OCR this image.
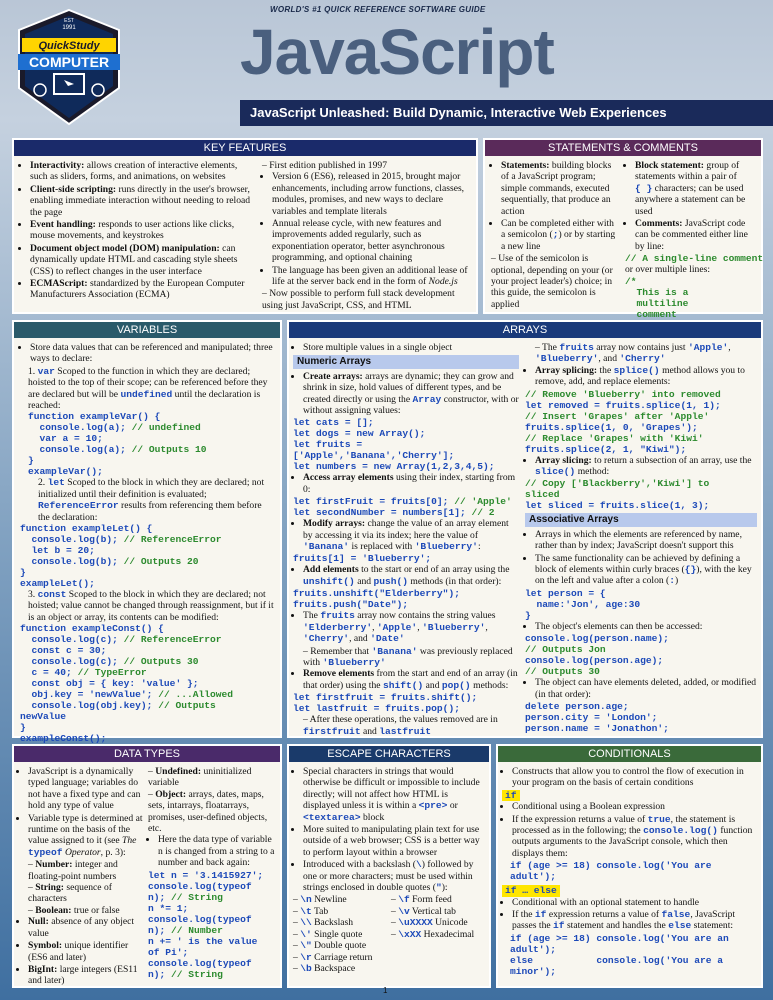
EST
1991
QuickStudy
COMPUTER
WORLD'S #1 QUICK REFERENCE SOFTWARE GUIDE
JavaScript
JavaScript Unleashed: Build Dynamic, Interactive Web Experiences
KEY FEATURES
• Interactivity: allows creation of interactive elements, such as sliders, forms, and animations, on websites
• Client-side scripting: runs directly in the user's browser, enabling immediate interaction without needing to reload the page
• Event handling: responds to user actions like clicks, mouse movements, and keystrokes
• Document object model (DOM) manipulation: can dynamically update HTML and cascading style sheets (CSS) to reflect changes in the user interface
• ECMAScript: standardized by the European Computer Manufacturers Association (ECMA)
– First edition published in 1997
• Version 6 (ES6), released in 2015, brought major enhancements, including arrow functions, classes, modules, promises, and new ways to declare variables and template literals
• Annual release cycle, with new features and improvements added regularly, such as exponentiation operator, better asynchronous programming, and optional chaining
• The language has been given an additional lease of life at the server back end in the form of Node.js
– Now possible to perform full stack development using just JavaScript, CSS, and HTML
STATEMENTS & COMMENTS
• Statements: building blocks of a JavaScript program; simple commands, executed sequentially, that produce an action
• Can be completed either with a semicolon (;) or by starting a new line
– Use of the semicolon is optional, depending on your (or your project leader's) choice; in this guide, the semicolon is applied
• Block statement: group of statements within a pair of { } characters; can be used anywhere a statement can be used
• Comments: JavaScript code can be commented either line by line:
// A single-line comment
or over multiple lines:
/*
This is a
multiline
comment

VARIABLES
• Store data values that can be referenced and manipulated; three ways to declare:
1. var Scoped to the function in which they are declared; hoisted to the top of their scope; can be referenced before they are declared but will be undefined until the declaration is reached:
function exampleVar() {
console.log(a); // undefined
var a = 10;
console.log(a); // Outputs 10
}
exampleVar();
2. let Scoped to the block in which they are declared; not initialized until their definition is evaluated; ReferenceError results from referencing them before the declaration:
function exampleLet() {
console.log(b); // ReferenceError
let b = 20;
console.log(b); // Outputs 20
}
exampleLet();
3. const Scoped to the block in which they are declared; not hoisted; value cannot be changed through reassignment, but if it is an object or array, its contents can be modified:
function exampleConst() {
console.log(c); // ReferenceError
const c = 30;
console.log(c); // Outputs 30
c = 40; // TypeError
const obj = { key: 'value' };
obj.key = 'newValue'; // ...Allowed
console.log(obj.key); // Outputs
newValue
}
exampleConst();
ARRAYS
• Store multiple values in a single object
Numeric Arrays
• Create arrays: arrays are dynamic; they can grow and shrink in size, hold values of different types, and be created directly or using the Array constructor, with or without assigning values:
let cats = [];
let dogs = new Array();
let fruits =
['Apple','Banana','Cherry'];
let numbers = new Array(1,2,3,4,5);
• Access array elements using their index, starting from 0:
let firstFruit = fruits[0]; // 'Apple'
let secondNumber = numbers[1]; // 2
• Modify arrays: change the value of an array element by accessing it via its index; here the value of 'Banana' is replaced with 'Blueberry':
fruits[1] = 'Blueberry';
• Add elements to the start or end of an array using the unshift() and push() methods (in that order):
fruits.unshift("Elderberry");
fruits.push("Date");
• The fruits array now contains the string values 'Elderberry', 'Apple', 'Blueberry', 'Cherry', and 'Date'
– Remember that 'Banana' was previously replaced with 'Blueberry'
• Remove elements from the start and end of an array (in that order) using the shift() and pop() methods:
let firstfruit = fruits.shift();
let lastfruit = fruits.pop();
– After these operations, the values removed are in firstfruit and lastfruit
– The fruits array now contains just 'Apple', 'Blueberry', and 'Cherry'
• Array splicing: the splice() method allows you to remove, add, and replace elements:
// Remove 'Blueberry' into removed
let removed = fruits.splice(1, 1);
// Insert 'Grapes' after 'Apple'
fruits.splice(1, 0, 'Grapes');
// Replace 'Grapes' with 'Kiwi'
fruits.splice(2, 1, "Kiwi");
• Array slicing: to return a subsection of an array, use the slice() method:
// Copy ['Blackberry','Kiwi'] to
sliced
let sliced = fruits.slice(1, 3);
Associative Arrays
• Arrays in which the elements are referenced by name, rather than by index; JavaScript doesn't support this
• The same functionality can be achieved by defining a block of elements within curly braces ({}), with the key on the left and value after a colon (:)
let person = {
name:'Jon', age:30
}
• The object's elements can then be accessed:
console.log(person.name);
// Outputs Jon
console.log(person.age);
// Outputs 30
• The object can have elements deleted, added, or modified (in that order):
delete person.age;
person.city = 'London';
person.name = 'Jonathon';
DATA TYPES
• JavaScript is a dynamically typed language; variables do not have a fixed type and can hold any type of value
• Variable type is determined at runtime on the basis of the value assigned to it (see The typeof Operator, p. 3):
– Number: integer and floating-point numbers
– String: sequence of characters
– Boolean: true or false
• Null: absence of any object value
• Symbol: unique identifier (ES6 and later)
• BigInt: large integers (ES11 and later)
– Undefined: uninitialized variable
– Object: arrays, dates, maps, sets, intarrays, floatarrays, promises, user-defined objects, etc.
• Here the data type of variable n is changed from a string to a number and back again:
let n = '3.1415927';
console.log(typeof
n); // String
n *= 1;
console.log(typeof
n); // Number
n += ' is the value
of Pi';
console.log(typeof
n); // String
ESCAPE CHARACTERS
• Special characters in strings that would otherwise be difficult or impossible to include directly; will not affect how HTML is displayed unless it is within a <pre> or <textarea> block
• More suited to manipulating plain text for use outside of a web browser; CSS is a better way to perform layout within a browser
• Introduced with a backslash (\) followed by one or more characters; must be used within strings enclosed in double quotes ("):
– \n Newline
– \t Tab
– \\ Backslash
– \' Single quote
– \" Double quote
– \r Carriage return
– \b Backspace
– \f Form feed
– \v Vertical tab
– \uXXXX Unicode
– \xXX Hexadecimal
CONDITIONALS
• Constructs that allow you to control the flow of execution in your program on the basis of certain conditions
if
• Conditional using a Boolean expression
• If the expression returns a value of true, the statement is processed as in the following; the console.log() function outputs arguments to the JavaScript console, which then displays them:
if (age >= 18) console.log('You are
adult');
if … else
• Conditional with an optional statement to handle
• If the if expression returns a value of false, JavaScript passes the if statement and handles the else statement:
if (age >= 18) console.log('You are an
adult');
else           console.log('You are a
minor');
1
